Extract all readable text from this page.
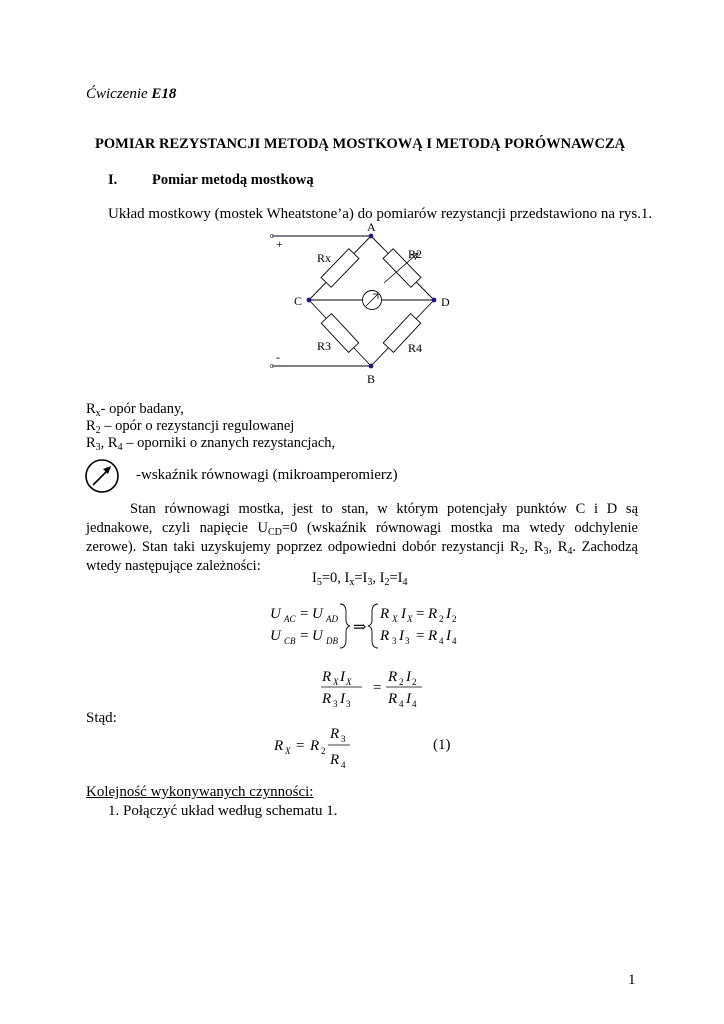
Ćwiczenie E18
POMIAR REZYSTANCJI METODĄ MOSTKOWĄ I METODĄ PORÓWNAWCZĄ
I. Pomiar metodą mostkową
Układ mostkowy (mostek Wheatstone’a) do pomiarów rezystancji przedstawiono na rys.1.
A
B
C	D
+
-
Rx	R2
R3	R4
$R_x-$ opór badany,
$R_2$ – opór o rezystancji regulowanej
$R_3$, $R_4$ – oporniki o znanych rezystancjach,
-wskaźnik równowagi (mikroamperomierz)
Stan równowagi mostka, jest to stan, w którym potencjały punktów C i D są jednakowe, czyli napięcie $U_{CD}=0$ (wskaźnik równowagi mostka ma wtedy odchylenie zerowe). Stan taki uzyskujemy poprzez odpowiedni dobór rezystancji $R_2$, $R_3$, $R_4$. Zachodzą wtedy następujące zależności:
$I_5=0$, $I_x=I_3$, $I_2=I_4$
U AC = U AD
U CB = U DB
⇒
R X I X = R 2 I 2
R 3 I 3 = R 4 I 4
R X I X
R 3 I 3
=
R 2 I 2
R 4 I 4
Stąd:
R X = R 2
R 3
R 4
(1)
Kolejność wykonywanych czynności:
1. Połączyć układ według schematu 1.
1
